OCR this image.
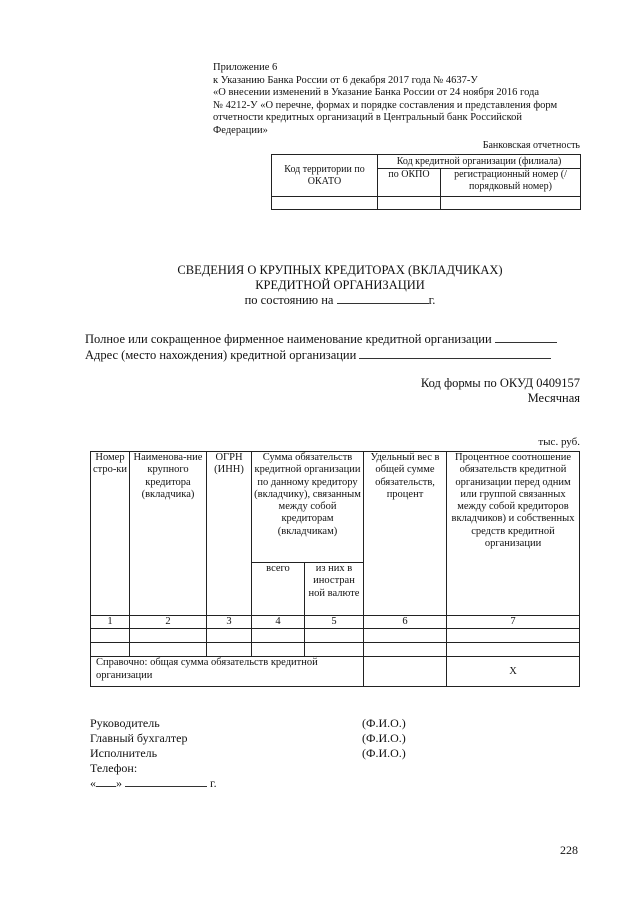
Приложение 6
к Указанию Банка России от 6 декабря 2017 года № 4637-У
«О внесении изменений в Указание Банка России от 24 ноября 2016 года
№ 4212-У «О перечне, формах и порядке составления и представления форм
отчетности кредитных организаций в Центральный банк Российской
Федерации»
Банковская отчетность
Код территории по ОКАТО	Код кредитной организации (филиала)	
	по ОКПО	регистрационный номер (/порядковый номер)

СВЕДЕНИЯ О КРУПНЫХ КРЕДИТОРАХ (ВКЛАДЧИКАХ)
КРЕДИТНОЙ ОРГАНИЗАЦИИ
по состоянию на	г.
Полное или сокращенное фирменное наименование кредитной организации
Адрес (место нахождения) кредитной организации
Код формы по ОКУД 0409157
Месячная
тыс. руб.
Номер стро-ки	Наименова-ние крупного кредитора (вкладчика)	ОГРН (ИНН)	Сумма обязательств кредитной организации по данному кредитору (вкладчику), связанным между собой кредиторам (вкладчикам)		Удельный вес в общей сумме обязательств, процент	Процентное соотношение обязательств кредитной организации перед одним или группой связанных между собой кредиторов вкладчиков) и собственных средств кредитной организации
			всего	из них в иностран ной валюте		
1	2	3	4	5	6	7

Справочно: общая сумма обязательств кредитной организации						X
Руководитель	(Ф.И.О.)
Главный бухгалтер	(Ф.И.О.)
Исполнитель	(Ф.И.О.)
Телефон:
« »	г.
228
